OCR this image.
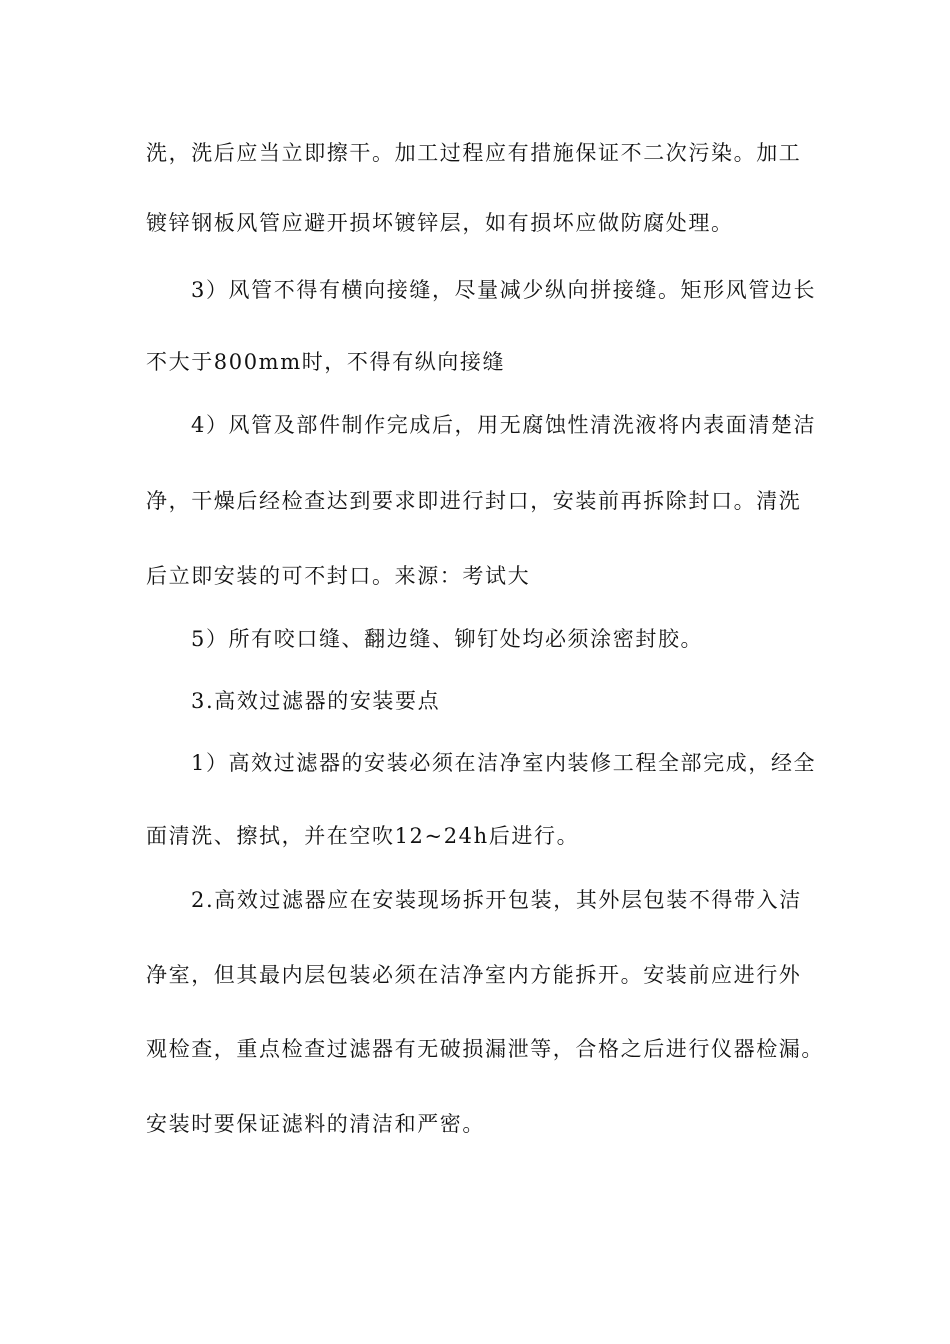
洗，洗后应当立即擦干。加工过程应有措施保证不二次污染。加工
镀锌钢板风管应避开损坏镀锌层，如有损坏应做防腐处理。
3）风管不得有横向接缝，尽量减少纵向拼接缝。矩形风管边长
不大于800mm时，不得有纵向接缝
4）风管及部件制作完成后，用无腐蚀性清洗液将内表面清楚洁
净，干燥后经检查达到要求即进行封口，安装前再拆除封口。清洗
后立即安装的可不封口。来源：考试大
5）所有咬口缝、翻边缝、铆钉处均必须涂密封胶。
3.高效过滤器的安装要点
1）高效过滤器的安装必须在洁净室内装修工程全部完成，经全
面清洗、擦拭，并在空吹12~24h后进行。
2.高效过滤器应在安装现场拆开包装，其外层包装不得带入洁
净室，但其最内层包装必须在洁净室内方能拆开。安装前应进行外
观检查，重点检查过滤器有无破损漏泄等，合格之后进行仪器检漏。
安装时要保证滤料的清洁和严密。
